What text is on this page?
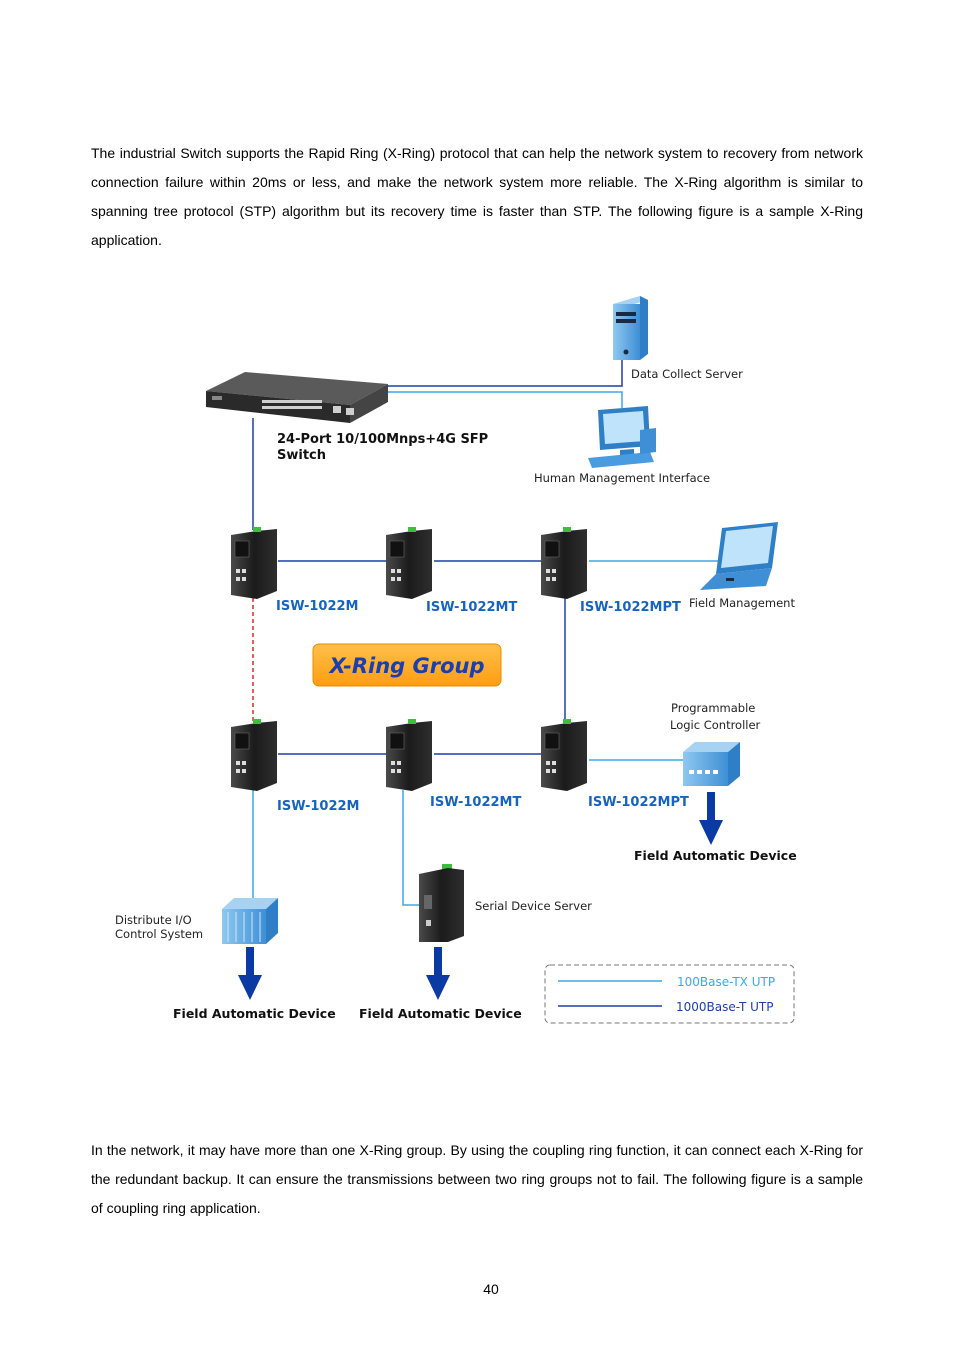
The industrial Switch supports the Rapid Ring (X-Ring) protocol that can help the network system to recovery from network connection failure within 20ms or less, and make the network system more reliable. The X-Ring algorithm is similar to spanning tree protocol (STP) algorithm but its recovery time is faster than STP. The following figure is a sample X-Ring application.

Data Collect Server
24-Port 10/100Mnps+4G SFP
Switch
Human Management Interface
ISW-1022M	ISW-1022MT	ISW-1022MPT
ISW-1022M	ISW-1022MT	ISW-1022MPT
Field Management
X-Ring Group
Programmable
Logic Controller
Field Automatic Device
Serial Device Server
Field Automatic Device
Distribute I/O
Control System
Field Automatic Device
100Base-TX UTP
1000Base-T UTP

In the network, it may have more than one X-Ring group. By using the coupling ring function, it can connect each X-Ring for the redundant backup. It can ensure the transmissions between two ring groups not to fail. The following figure is a sample of coupling ring application.

40
